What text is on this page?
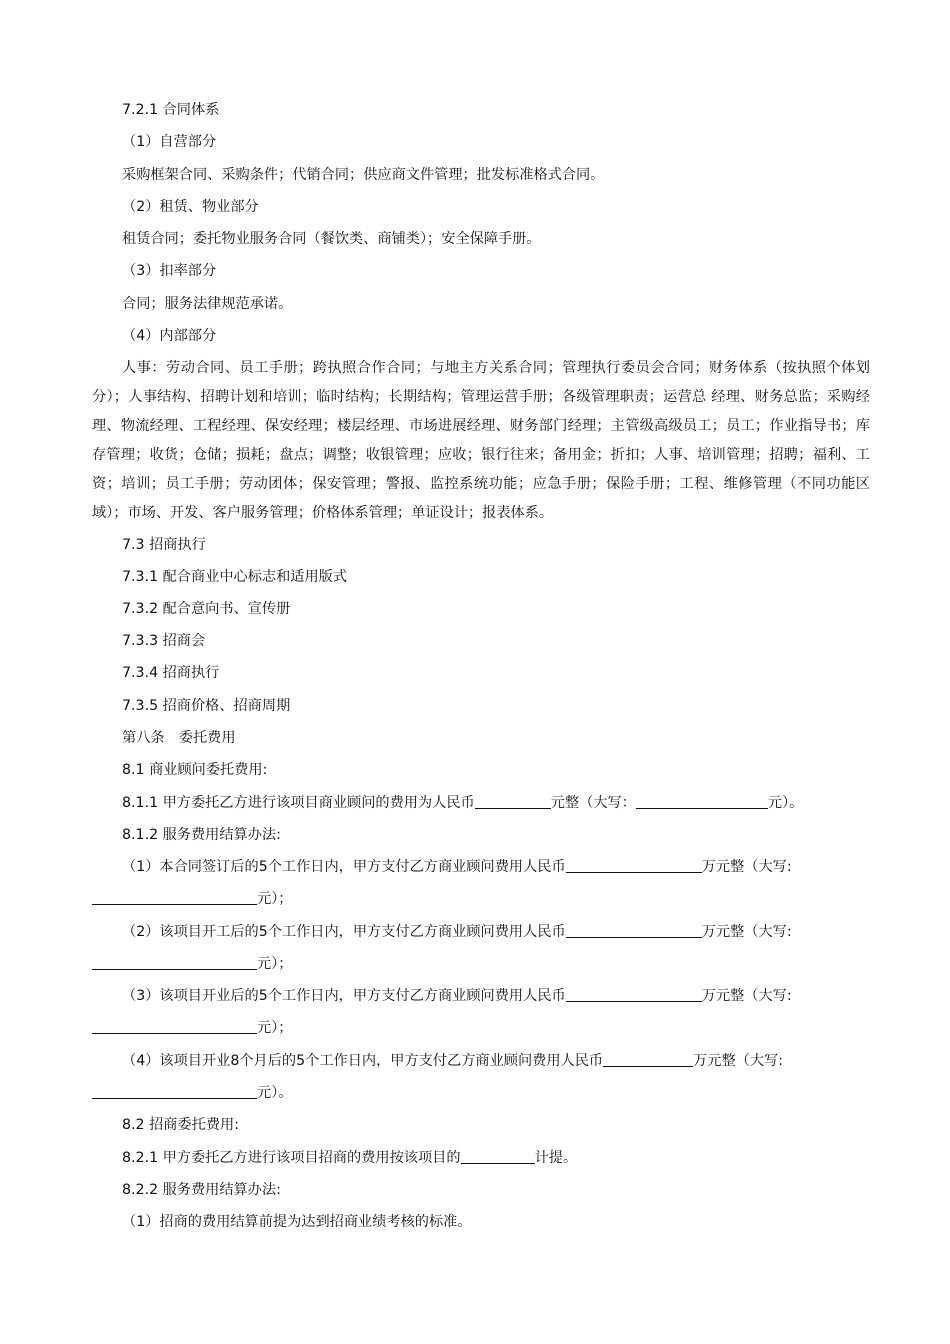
7.2.1 合同体系
（1）自营部分
采购框架合同、采购条件；代销合同；供应商文件管理；批发标准格式合同。
（2）租赁、物业部分
租赁合同；委托物业服务合同（餐饮类、商铺类）；安全保障手册。
（3）扣率部分
合同；服务法律规范承诺。
（4）内部部分
人事：劳动合同、员工手册；跨执照合作合同；与地主方关系合同；管理执行委员会合同；财务体系（按执照个体划分）；人事结构、招聘计划和培训；临时结构；长期结构；管理运营手册；各级管理职责；运营总 经理、财务总监；采购经理、物流经理、工程经理、保安经理；楼层经理、市场进展经理、财务部门经理；主管级高级员工；员工；作业指导书；库存管理；收货；仓储；损耗；盘点；调整；收银管理；应收；银行往来；备用金；折扣；人事、培训管理；招聘；福利、工资；培训；员工手册；劳动团体；保安管理；警报、监控系统功能；应急手册；保险手册；工程、维修管理（不同功能区域）；市场、开发、客户服务管理；价格体系管理；单证设计；报表体系。
7.3 招商执行
7.3.1 配合商业中心标志和适用版式
7.3.2 配合意向书、宣传册
7.3.3 招商会
7.3.4 招商执行
7.3.5 招商价格、招商周期
第八条　委托费用
8.1 商业顾问委托费用:
8.1.1 甲方委托乙方进行该项目商业顾问的费用为人民币	元整（大写：	元）。
8.1.2 服务费用结算办法:
（1）本合同签订后的5个工作日内，甲方支付乙方商业顾问费用人民币	万元整（大写:
元）；
（2）该项目开工后的5个工作日内，甲方支付乙方商业顾问费用人民币	万元整（大写:
元）；
（3）该项目开业后的5个工作日内，甲方支付乙方商业顾问费用人民币	万元整（大写:
元）；
（4）该项目开业8个月后的5个工作日内，甲方支付乙方商业顾问费用人民币	万元整（大写:
元）。
8.2 招商委托费用:
8.2.1 甲方委托乙方进行该项目招商的费用按该项目的	计提。
8.2.2 服务费用结算办法:
（1）招商的费用结算前提为达到招商业绩考核的标准。
